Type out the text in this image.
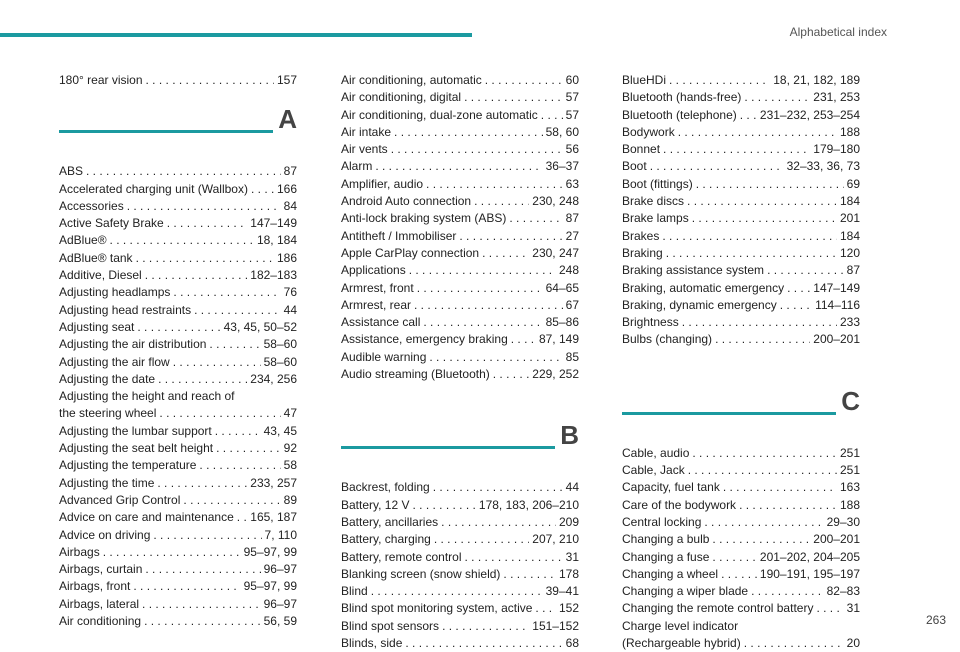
Alphabetical index
180° rear vision . . .	157
A
ABS . . .	87
Accelerated charging unit (Wallbox) . . . 166
Accessories . . .	84
Active Safety Brake . . .	147–149
AdBlue® . . .	18, 184
AdBlue® tank . . .	186
Additive, Diesel . . .	182–183
Adjusting headlamps . . .	76
Adjusting head restraints . . .	44
Adjusting seat . . .	43, 45, 50–52
Adjusting the air distribution . . .	58–60
Adjusting the air flow . . .	58–60
Adjusting the date . . .	234, 256
Adjusting the height and reach of
the steering wheel . . .	47
Adjusting the lumbar support . . .	43, 45
Adjusting the seat belt height . . .	92
Adjusting the temperature . . .	58
Adjusting the time . . .	233, 257
Advanced Grip Control . . .	89
Advice on care and maintenance . . . 165, 187
Advice on driving . . .	7, 110
Airbags . . .	95–97, 99
Airbags, curtain . . .	96–97
Airbags, front . . .	95–97, 99
Airbags, lateral . . .	96–97
Air conditioning . . .	56, 59
Air conditioning, automatic . . .	60
Air conditioning, digital . . .	57
Air conditioning, dual-zone automatic . . . 57
Air intake . . .	58, 60
Air vents . . .	56
Alarm . . .	36–37
Amplifier, audio . . .	63
Android Auto connection . . .	230, 248
Anti-lock braking system (ABS) . . .	87
Antitheft / Immobiliser . . .	27
Apple CarPlay connection . . .	230, 247
Applications . . .	248
Armrest, front . . .	64–65
Armrest, rear . . .	67
Assistance call . . .	85–86
Assistance, emergency braking . . .	87, 149
Audible warning . . .	85
Audio streaming (Bluetooth) . . .	229, 252
B
Backrest, folding . . .	44
Battery, 12 V . . .	178, 183, 206–210
Battery, ancillaries . . .	209
Battery, charging . . .	207, 210
Battery, remote control . . .	31
Blanking screen (snow shield) . . .	178
Blind . . .	39–41
Blind spot monitoring system, active . . . 152
Blind spot sensors . . .	151–152
Blinds, side . . .	68
BlueHDi . . .	18, 21, 182, 189
Bluetooth (hands-free) . . .	231, 253
Bluetooth (telephone) . . . 231–232, 253–254
Bodywork . . .	188
Bonnet . . .	179–180
Boot . . .	32–33, 36, 73
Boot (fittings) . . .	69
Brake discs . . .	184
Brake lamps . . .	201
Brakes . . .	184
Braking . . .	120
Braking assistance system . . .	87
Braking, automatic emergency . . . 147–149
Braking, dynamic emergency . . .	114–116
Brightness . . .	233
Bulbs (changing) . . .	200–201
C
Cable, audio . . .	251
Cable, Jack . . .	251
Capacity, fuel tank . . .	163
Care of the bodywork . . .	188
Central locking . . .	29–30
Changing a bulb . . .	200–201
Changing a fuse . . .	201–202, 204–205
Changing a wheel . . .	190–191, 195–197
Changing a wiper blade . . .	82–83
Changing the remote control battery . . .	31
Charge level indicator
(Rechargeable hybrid) . . .	20
263
